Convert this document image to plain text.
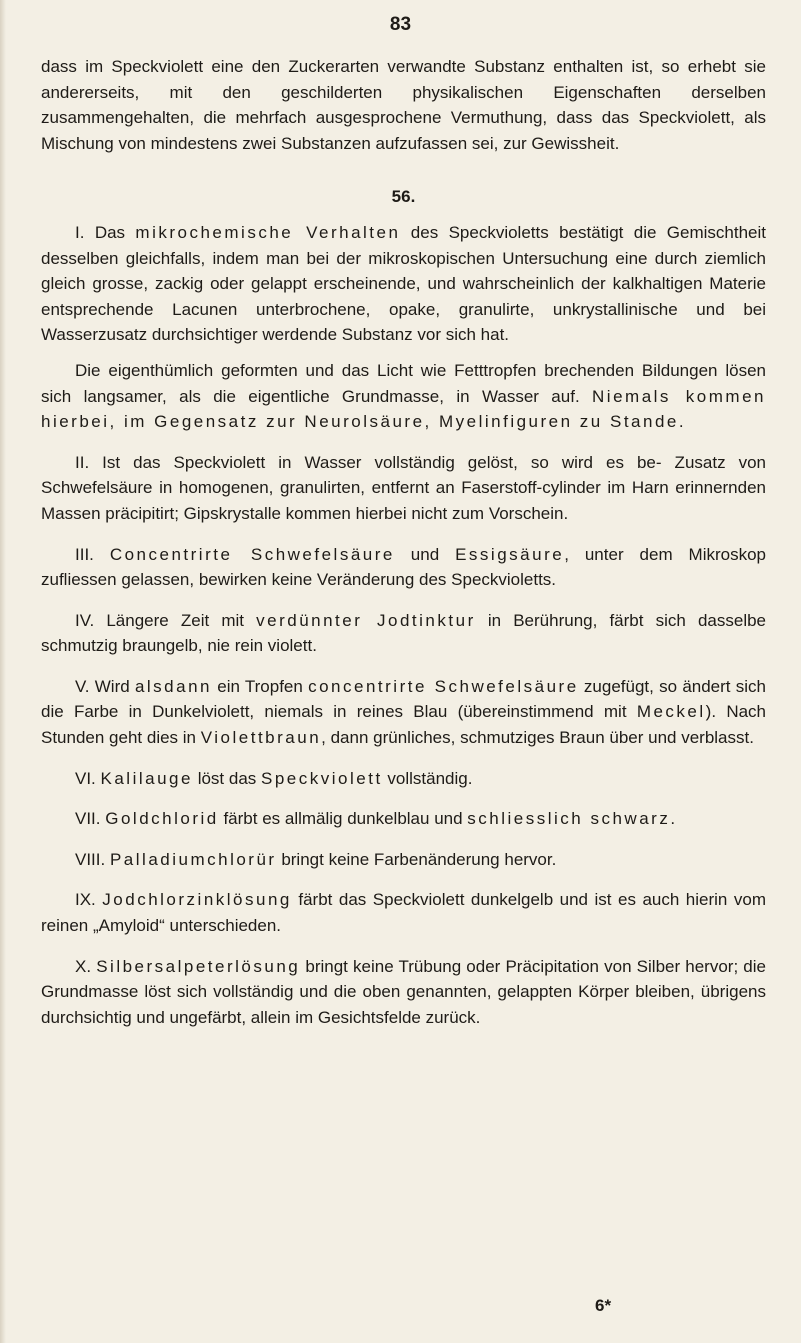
83

dass im Speckviolett eine den Zuckerarten verwandte Substanz enthalten ist, so erhebt sie andererseits, mit den geschilderten physikalischen Eigenschaften derselben zusammengehalten, die mehrfach ausgesprochene Vermuthung, dass das Speckviolett, als Mischung von mindestens zwei Substanzen aufzufassen sei, zur Gewissheit.

56.

I. Das mikrochemische Verhalten des Speckvioletts bestätigt die Gemischtheit desselben gleichfalls, indem man bei der mikroskopischen Untersuchung eine durch ziemlich gleich grosse, zackig oder gelappt erscheinende, und wahrscheinlich der kalkhaltigen Materie entsprechende Lacunen unterbrochene, opake, granulirte, unkrystallinische und bei Wasserzusatz durchsichtiger werdende Substanz vor sich hat.

Die eigenthümlich geformten und das Licht wie Fetttropfen brechenden Bildungen lösen sich langsamer, als die eigentliche Grundmasse, in Wasser auf. Niemals kommen hierbei, im Gegensatz zur Neurolsäure, Myelinfiguren zu Stande.

II. Ist das Speckviolett in Wasser vollständig gelöst, so wird es be- Zusatz von Schwefelsäure in homogenen, granulirten, entfernt an Faserstoff-cylinder im Harn erinnernden Massen präcipitirt; Gipskrystalle kommen hierbei nicht zum Vorschein.

III. Concentrirte Schwefelsäure und Essigsäure, unter dem Mikroskop zufliessen gelassen, bewirken keine Veränderung des Speckvioletts.

IV. Längere Zeit mit verdünnter Jodtinktur in Berührung, färbt sich dasselbe schmutzig braungelb, nie rein violett.

V. Wird alsdann ein Tropfen concentrirte Schwefelsäure zugefügt, so ändert sich die Farbe in Dunkelviolett, niemals in reines Blau (übereinstimmend mit Meckel). Nach Stunden geht dies in Violettbraun, dann grünliches, schmutziges Braun über und verblasst.

VI. Kalilauge löst das Speckviolett vollständig.

VII. Goldchlorid färbt es allmälig dunkelblau und schliesslich schwarz.

VIII. Palladiumchlorür bringt keine Farbenänderung hervor.

IX. Jodchlorzinklösung färbt das Speckviolett dunkelgelb und ist es auch hierin vom reinen „Amyloid“ unterschieden.

X. Silbersalpeterlösung bringt keine Trübung oder Präcipitation von Silber hervor; die Grundmasse löst sich vollständig und die oben genannten, gelappten Körper bleiben, übrigens durchsichtig und ungefärbt, allein im Gesichtsfelde zurück.

6*
